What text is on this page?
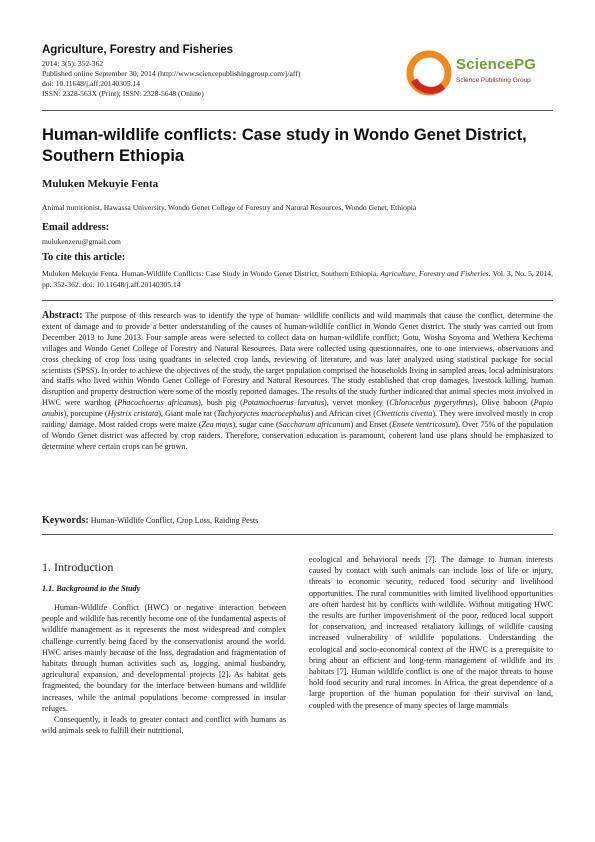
Agriculture, Forestry and Fisheries
2014; 3(5): 352-362
Published online September 30, 2014 (http://www.sciencepublishinggroup.com/j/aff)
doi: 10.11648/j.aff.20140305.14
ISSN: 2328-563X (Print); ISSN: 2328-5648 (Online)
SciencePG
Science Publishing Group
Human-wildlife conflicts: Case study in Wondo Genet District, Southern Ethiopia
Muluken Mekuyie Fenta
Animal nutritionist, Hawassa University, Wondo Genet College of Forestry and Natural Resources, Wondo Genet, Ethiopia
Email address:
mulukenzeru@gmail.com
To cite this article:
Muluken Mekuyie Fenta. Human-Wildlife Conflicts: Case Study in Wondo Genet District, Southern Ethiopia. Agriculture, Forestry and Fisheries. Vol. 3, No. 5, 2014, pp. 352-362. doi: 10.11648/j.aff.20140305.14
Abstract: The purpose of this research was to identify the type of human- wildlife conflicts and wild mammals that cause the conflict, determine the extent of damage and to provide a better understanding of the causes of human-wildlife conflict in Wondo Genet district. The study was carried out from December 2013 to June 2013. Four sample areas were selected to collect data on human-wildlife conflict; Gotu, Wosha Soyoma and Wethera Kechema villages and Wondo Genet College of Forestry and Natural Resources. Data were collected using questionnaires, one to one interviews, observations and cross checking of crop loss using quadrants in selected crop lands, reviewing of literature, and was later analyzed using statistical package for social scientists (SPSS). In order to achieve the objectives of the study, the target population comprised the households living in sampled areas, local administrators and staffs who lived within Wondo Genet College of Forestry and Natural Resources. The study established that crop damages, livestock killing, human disruption and property destruction were some of the mostly reported damages. The results of the study further indicated that animal species most involved in HWC were warthog (Phacochoerus africanus), bush pig (Potamochoerus larvatus), vervet monkey (Chlorocebus pygerythrus), Olive baboon (Papio anubis), porcupine (Hystrix cristata), Giant mole rat (Tachyoryctes macrocephalus) and African civet (Civettictis civetta). They were involved mostly in crop raiding/ damage. Most raided crops were maize (Zea mays), sugar cane (Saccharum africanum) and Enset (Ensete ventricosum). Over 75% of the population of Wondo Genet district was affected by crop raiders. Therefore, conservation education is paramount, coherent land use plans should be emphasized to determine where certain crops can be grown.
Keywords: Human-Wildlife Conflict, Crop Loss, Raiding Pests
1. Introduction
1.1. Background to the Study

Human-Wildlife Conflict (HWC) or negative interaction between people and wildlife has recently become one of the fundamental aspects of wildlife management as it represents the most widespread and complex challenge currently being faced by the conservationist around the world. HWC arises mainly because of the loss, degradation and fragmentation of habitats through human activities such as, logging, animal husbandry, agricultural expansion, and developmental projects [2]. As habitat gets fragmented, the boundary for the interface between humans and wildlife increases, while the animal populations become compressed in insular refuges.

Consequently, it leads to greater contact and conflict with humans as wild animals seek to fulfill their nutritional,

ecological and behavioral needs [7]. The damage to human interests caused by contact with such animals can include loss of life or injury, threats to economic security, reduced food security and livelihood opportunities. The rural communities with limited livelihood opportunities are often hardest hit by conflicts with wildlife. Without mitigating HWC the results are further impoverishment of the poor, reduced local support for conservation, and increased retaliatory killings of wildlife causing increased vulnerability of wildlife populations. Understanding the ecological and socio-economical context of the HWC is a prerequisite to bring about an efficient and long-term management of wildlife and its habitats [7]. Human wildlife conflict is one of the major threats to house hold food security and rural incomes. In Africa, the great dependence of a large proportion of the human population for their survival on land, coupled with the presence of many species of large mammals
